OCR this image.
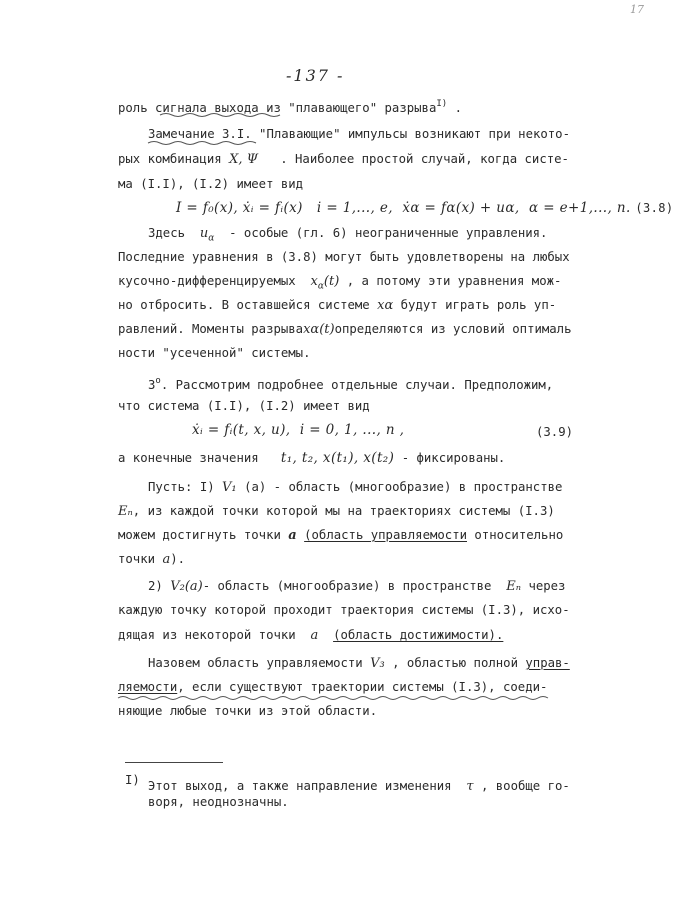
17
-137 -
роль сигнала выхода из "плавающего" разрыва$^{I)}$ .
Замечание 3.I. "Плавающие" импульсы возникают при некото-
рых комбинация X, Ψ . Наиболее простой случай, когда систе-
ма (I.I), (I.2) имеет вид
I = f₀(x), ẋᵢ = fᵢ(x)   i = 1,..., e,  ẋα = fα(x) + uα,  α = e+1,..., n. (3.8)
Здесь $u_\alpha$ - особые (гл. 6) неограниченные управления.
Последние уравнения в (3.8) могут быть удовлетворены на любых
кусочно-дифференцируемых $x_\alpha(t)$ , а потому эти уравнения мож-
но отбросить. В оставшейся системе xα будут играть роль уп-
равлений. Моменты разрываxα(t)определяются из условий оптималь
ности "усеченной" системы.
3$^o$. Рассмотрим подробнее отдельные случаи. Предположим,
что система (I.I), (I.2) имеет вид
ẋᵢ = fᵢ(t, x, u),  i = 0, 1, ..., n ,	(3.9)
а конечные значения t₁, t₂, x(t₁), x(t₂) - фиксированы.
Пусть: I) V₁ (a) - область (многообразие) в пространстве
Eₙ, из каждой точки которой мы на траекториях системы (I.3)
можем достигнуть точки a (область управляемости относительно
точки a).
2) V₂(a)- область (многообразие) в пространстве Eₙ через
каждую точку которой проходит траектория системы (I.3), исхо-
дящая из некоторой точки a (область достижимости).
Назовем область управляемости V₃ , областью полной управ-
ляемости, если существуют траектории системы (I.3), соеди-
няющие любые точки из этой области.
I) Этот выход, а также направление изменения τ , вообще го-
воря, неоднозначны.
